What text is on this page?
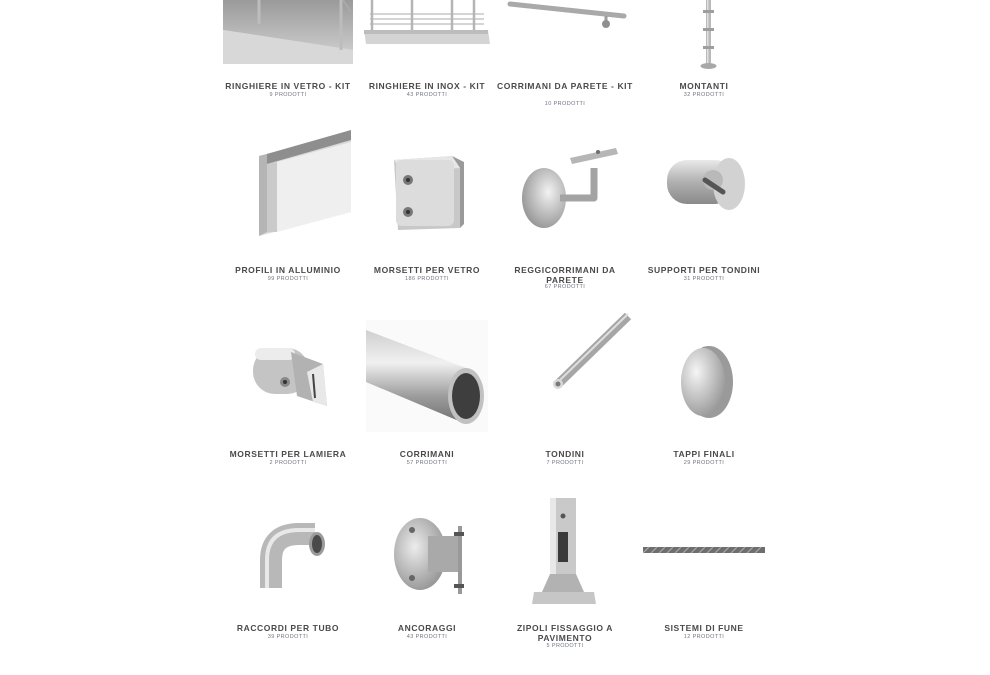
RINGHIERE IN VETRO - KIT
9 PRODOTTI
RINGHIERE IN INOX - KIT
43 PRODOTTI
CORRIMANI DA PARETE - KIT
10 PRODOTTI
MONTANTI
32 PRODOTTI
PROFILI IN ALLUMINIO
99 PRODOTTI
MORSETTI PER VETRO
186 PRODOTTI
REGGICORRIMANI DA PARETE
67 PRODOTTI
SUPPORTI PER TONDINI
31 PRODOTTI
MORSETTI PER LAMIERA
2 PRODOTTI
CORRIMANI
57 PRODOTTI
TONDINI
7 PRODOTTI
TAPPI FINALI
29 PRODOTTI
RACCORDI PER TUBO
39 PRODOTTI
ANCORAGGI
43 PRODOTTI
ZIPOLI FISSAGGIO A PAVIMENTO
5 PRODOTTI
SISTEMI DI FUNE
12 PRODOTTI
